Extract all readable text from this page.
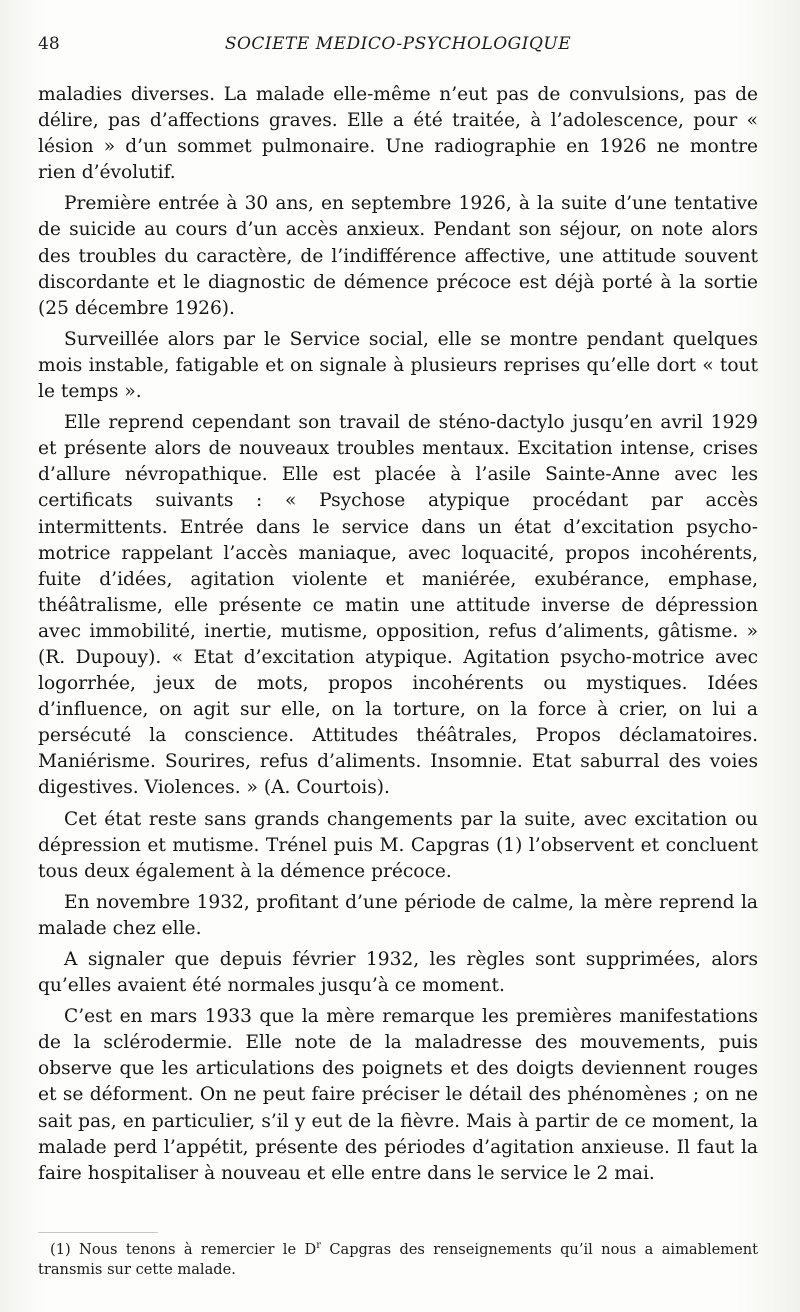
48	SOCIETE MEDICO-PSYCHOLOGIQUE

maladies diverses. La malade elle-même n’eut pas de convulsions, pas de délire, pas d’affections graves. Elle a été traitée, à l’adolescence, pour « lésion » d’un sommet pulmonaire. Une radiographie en 1926 ne montre rien d’évolutif.

Première entrée à 30 ans, en septembre 1926, à la suite d’une tentative de suicide au cours d’un accès anxieux. Pendant son séjour, on note alors des troubles du caractère, de l’indifférence affective, une attitude souvent discordante et le diagnostic de démence précoce est déjà porté à la sortie (25 décembre 1926).

Surveillée alors par le Service social, elle se montre pendant quelques mois instable, fatigable et on signale à plusieurs reprises qu’elle dort « tout le temps ».

Elle reprend cependant son travail de sténo-dactylo jusqu’en avril 1929 et présente alors de nouveaux troubles mentaux. Excitation intense, crises d’allure névropathique. Elle est placée à l’asile Sainte-Anne avec les certificats suivants : « Psychose atypique procédant par accès intermittents. Entrée dans le service dans un état d’excitation psycho-motrice rappelant l’accès maniaque, avec loquacité, propos incohérents, fuite d’idées, agitation violente et maniérée, exubérance, emphase, théâtralisme, elle présente ce matin une attitude inverse de dépression avec immobilité, inertie, mutisme, opposition, refus d’aliments, gâtisme. » (R. Dupouy). « Etat d’excitation atypique. Agitation psycho-motrice avec logorrhée, jeux de mots, propos incohérents ou mystiques. Idées d’influence, on agit sur elle, on la torture, on la force à crier, on lui a persécuté la conscience. Attitudes théâtrales, Propos déclamatoires. Maniérisme. Sourires, refus d’aliments. Insomnie. Etat saburral des voies digestives. Violences. » (A. Courtois).

Cet état reste sans grands changements par la suite, avec excitation ou dépression et mutisme. Trénel puis M. Capgras (1) l’observent et concluent tous deux également à la démence précoce.

En novembre 1932, profitant d’une période de calme, la mère reprend la malade chez elle.

A signaler que depuis février 1932, les règles sont supprimées, alors qu’elles avaient été normales jusqu’à ce moment.

C’est en mars 1933 que la mère remarque les premières manifestations de la sclérodermie. Elle note de la maladresse des mouvements, puis observe que les articulations des poignets et des doigts deviennent rouges et se déforment. On ne peut faire préciser le détail des phénomènes ; on ne sait pas, en particulier, s’il y eut de la fièvre. Mais à partir de ce moment, la malade perd l’appétit, présente des périodes d’agitation anxieuse. Il faut la faire hospitaliser à nouveau et elle entre dans le service le 2 mai.

(1) Nous tenons à remercier le $D^r$ Capgras des renseignements qu’il nous a aimablement transmis sur cette malade.
